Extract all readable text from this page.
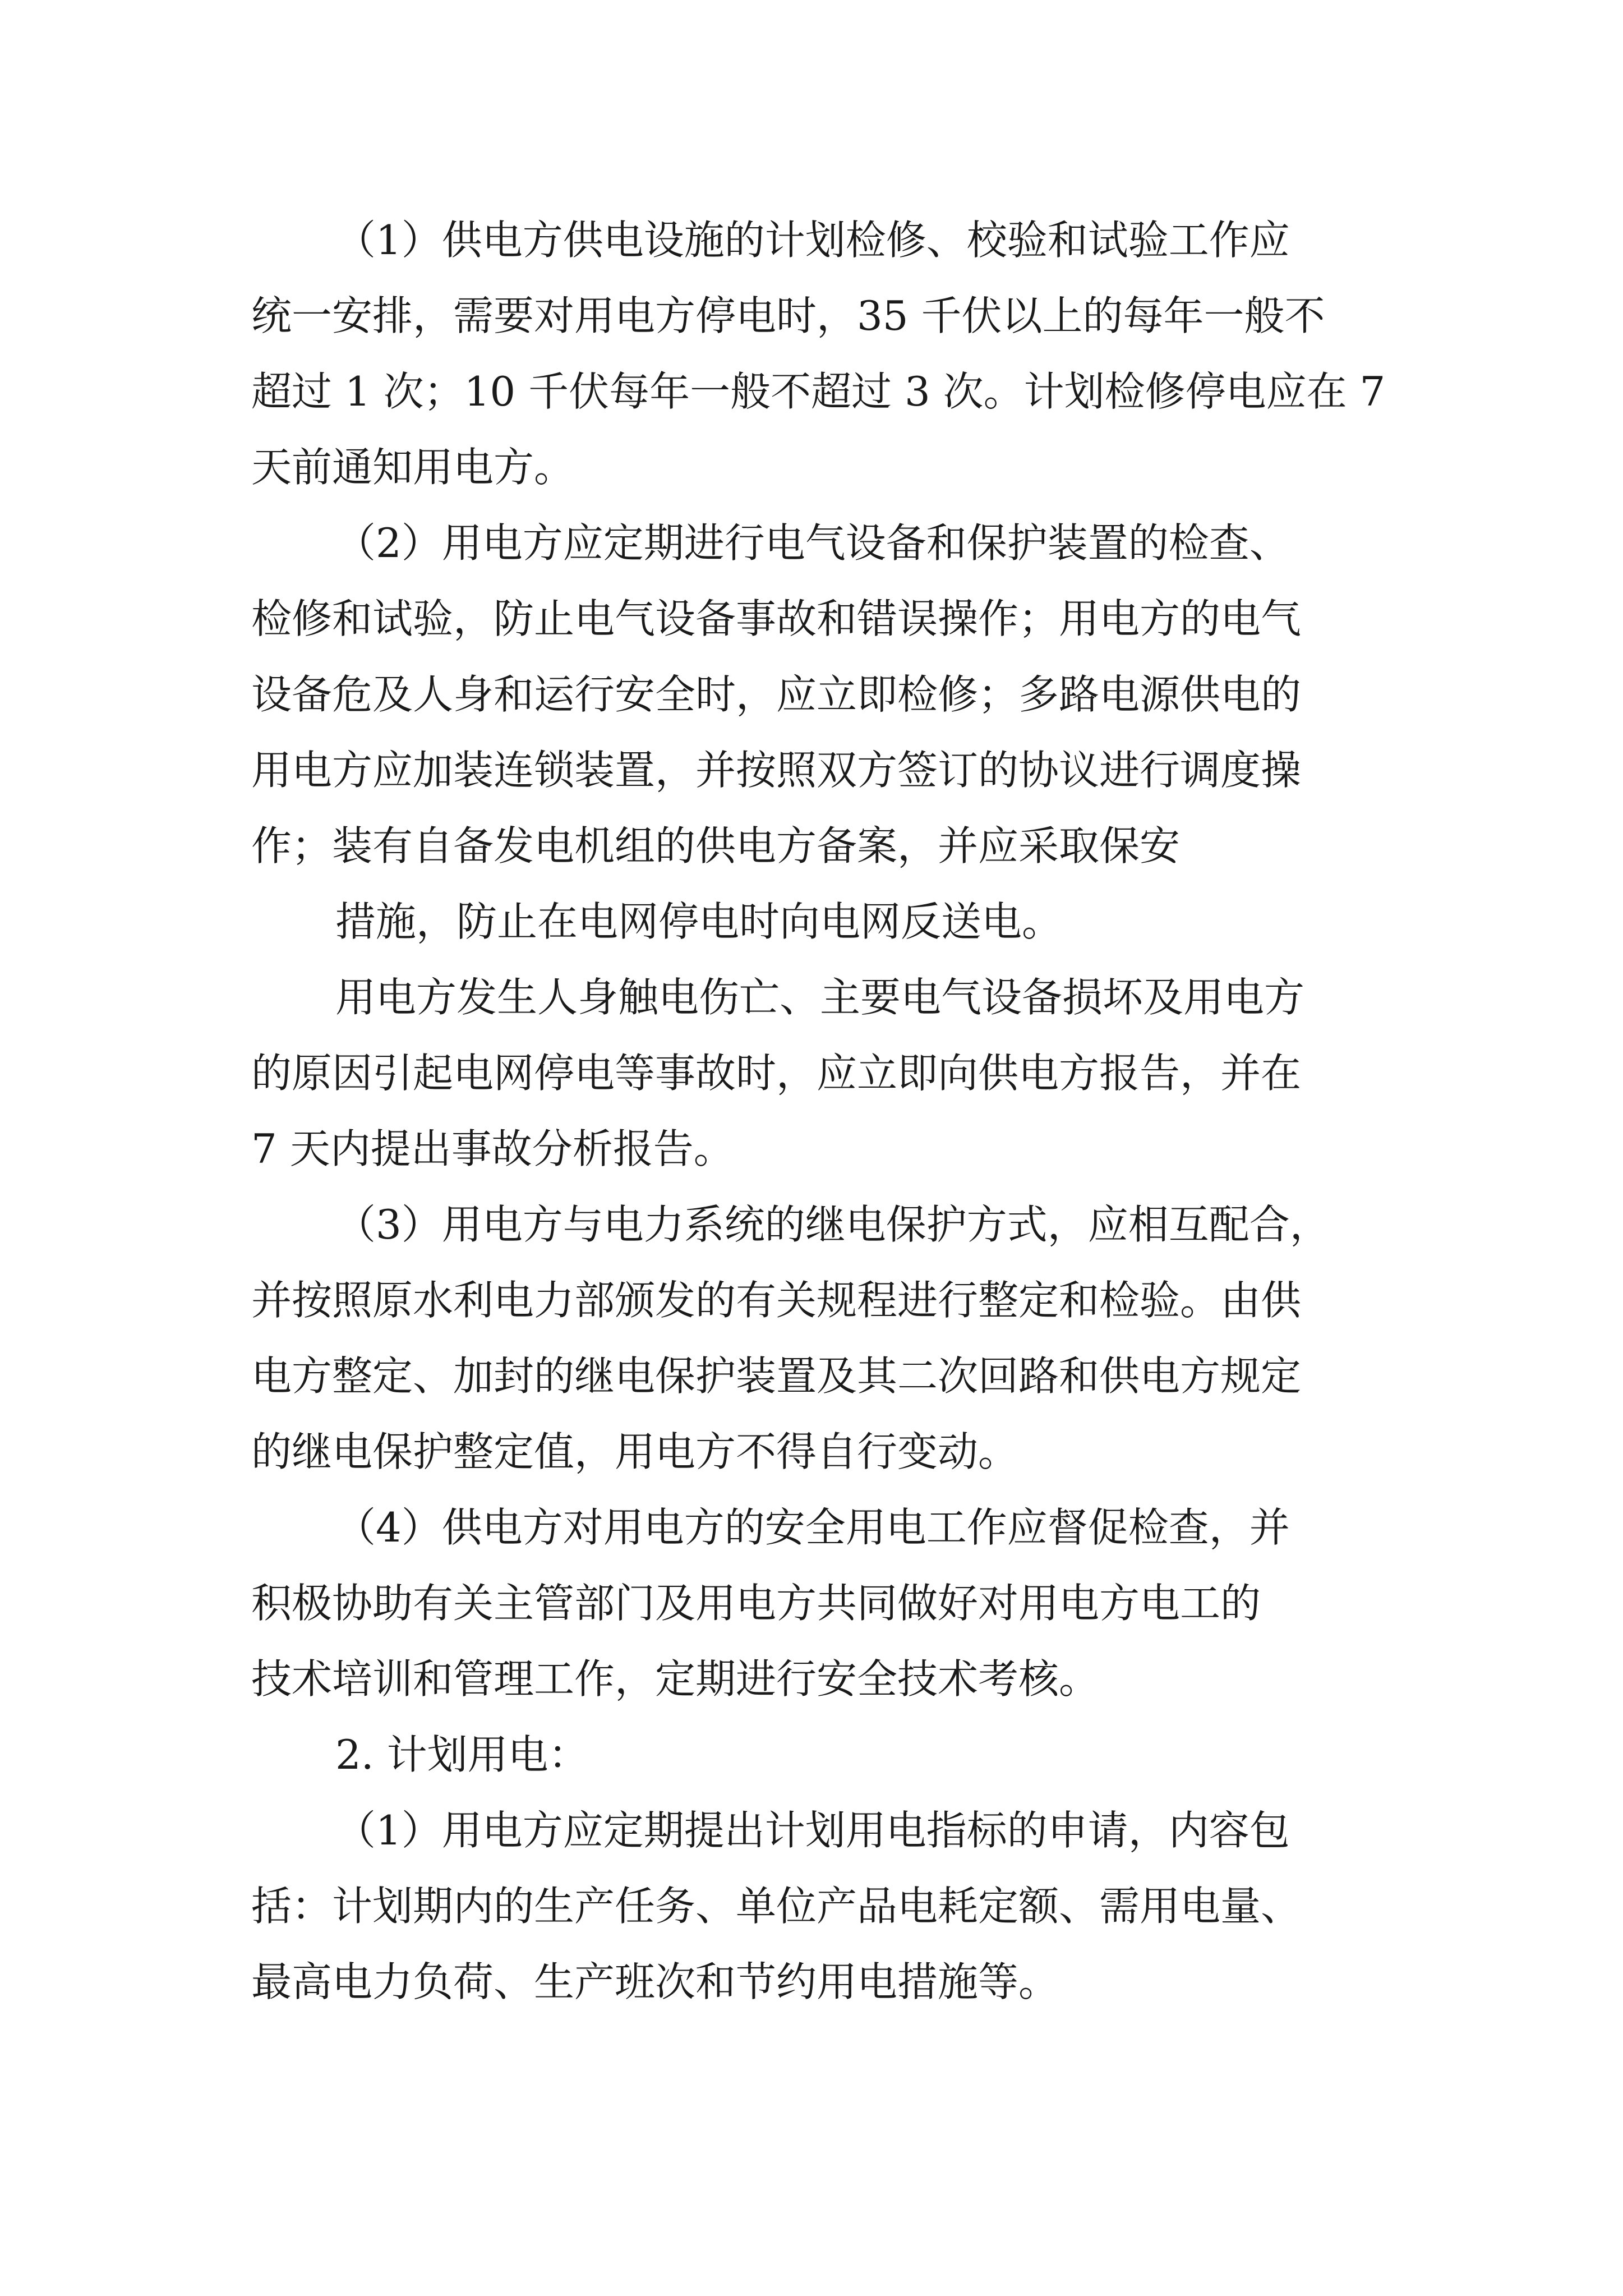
（1）供电方供电设施的计划检修、校验和试验工作应

统一安排，需要对用电方停电时，35 千伏以上的每年一般不

超过 1 次；10 千伏每年一般不超过 3 次。计划检修停电应在 7

天前通知用电方。

（2）用电方应定期进行电气设备和保护装置的检查、

检修和试验，防止电气设备事故和错误操作；用电方的电气

设备危及人身和运行安全时，应立即检修；多路电源供电的

用电方应加装连锁装置，并按照双方签订的协议进行调度操

作；装有自备发电机组的供电方备案，并应采取保安

措施，防止在电网停电时向电网反送电。

用电方发生人身触电伤亡、主要电气设备损坏及用电方

的原因引起电网停电等事故时，应立即向供电方报告，并在

7 天内提出事故分析报告。

（3）用电方与电力系统的继电保护方式，应相互配合，

并按照原水利电力部颁发的有关规程进行整定和检验。由供

电方整定、加封的继电保护装置及其二次回路和供电方规定

的继电保护整定值，用电方不得自行变动。

（4）供电方对用电方的安全用电工作应督促检查，并

积极协助有关主管部门及用电方共同做好对用电方电工的

技术培训和管理工作，定期进行安全技术考核。

2. 计划用电：

（1）用电方应定期提出计划用电指标的申请，内容包

括：计划期内的生产任务、单位产品电耗定额、需用电量、

最高电力负荷、生产班次和节约用电措施等。
